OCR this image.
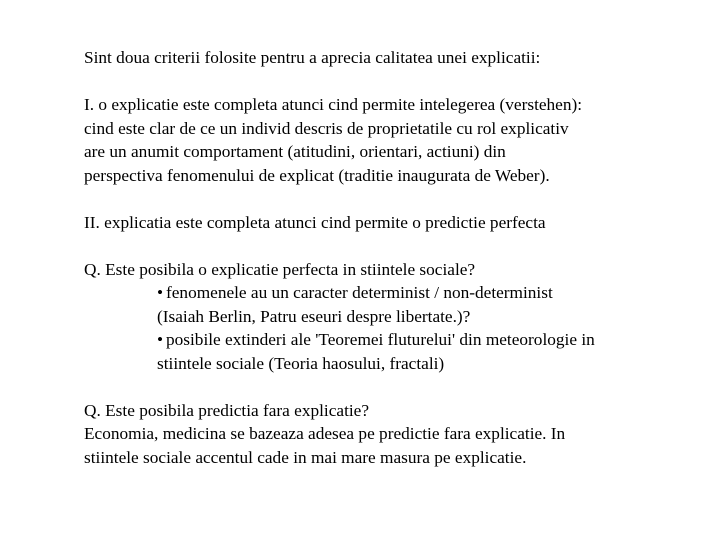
Sint doua criterii folosite pentru a aprecia calitatea unei explicatii:

I. o explicatie este completa atunci cind permite intelegerea (verstehen):
cind este clar de ce un individ descris de proprietatile cu rol explicativ
are un anumit comportament (atitudini, orientari, actiuni) din
perspectiva fenomenului de explicat (traditie inaugurata de Weber).

II. explicatia este completa atunci cind permite o predictie perfecta

Q. Este posibila o explicatie perfecta in stiintele sociale?
• fenomenele au un caracter determinist / non-determinist
(Isaiah Berlin, Patru eseuri despre libertate.)?
• posibile extinderi ale 'Teoremei fluturelui' din meteorologie in
stiintele sociale (Teoria haosului, fractali)
Q. Este posibila predictia fara explicatie?
Economia, medicina se bazeaza adesea pe predictie fara explicatie. In
stiintele sociale accentul cade in mai mare masura pe explicatie.
